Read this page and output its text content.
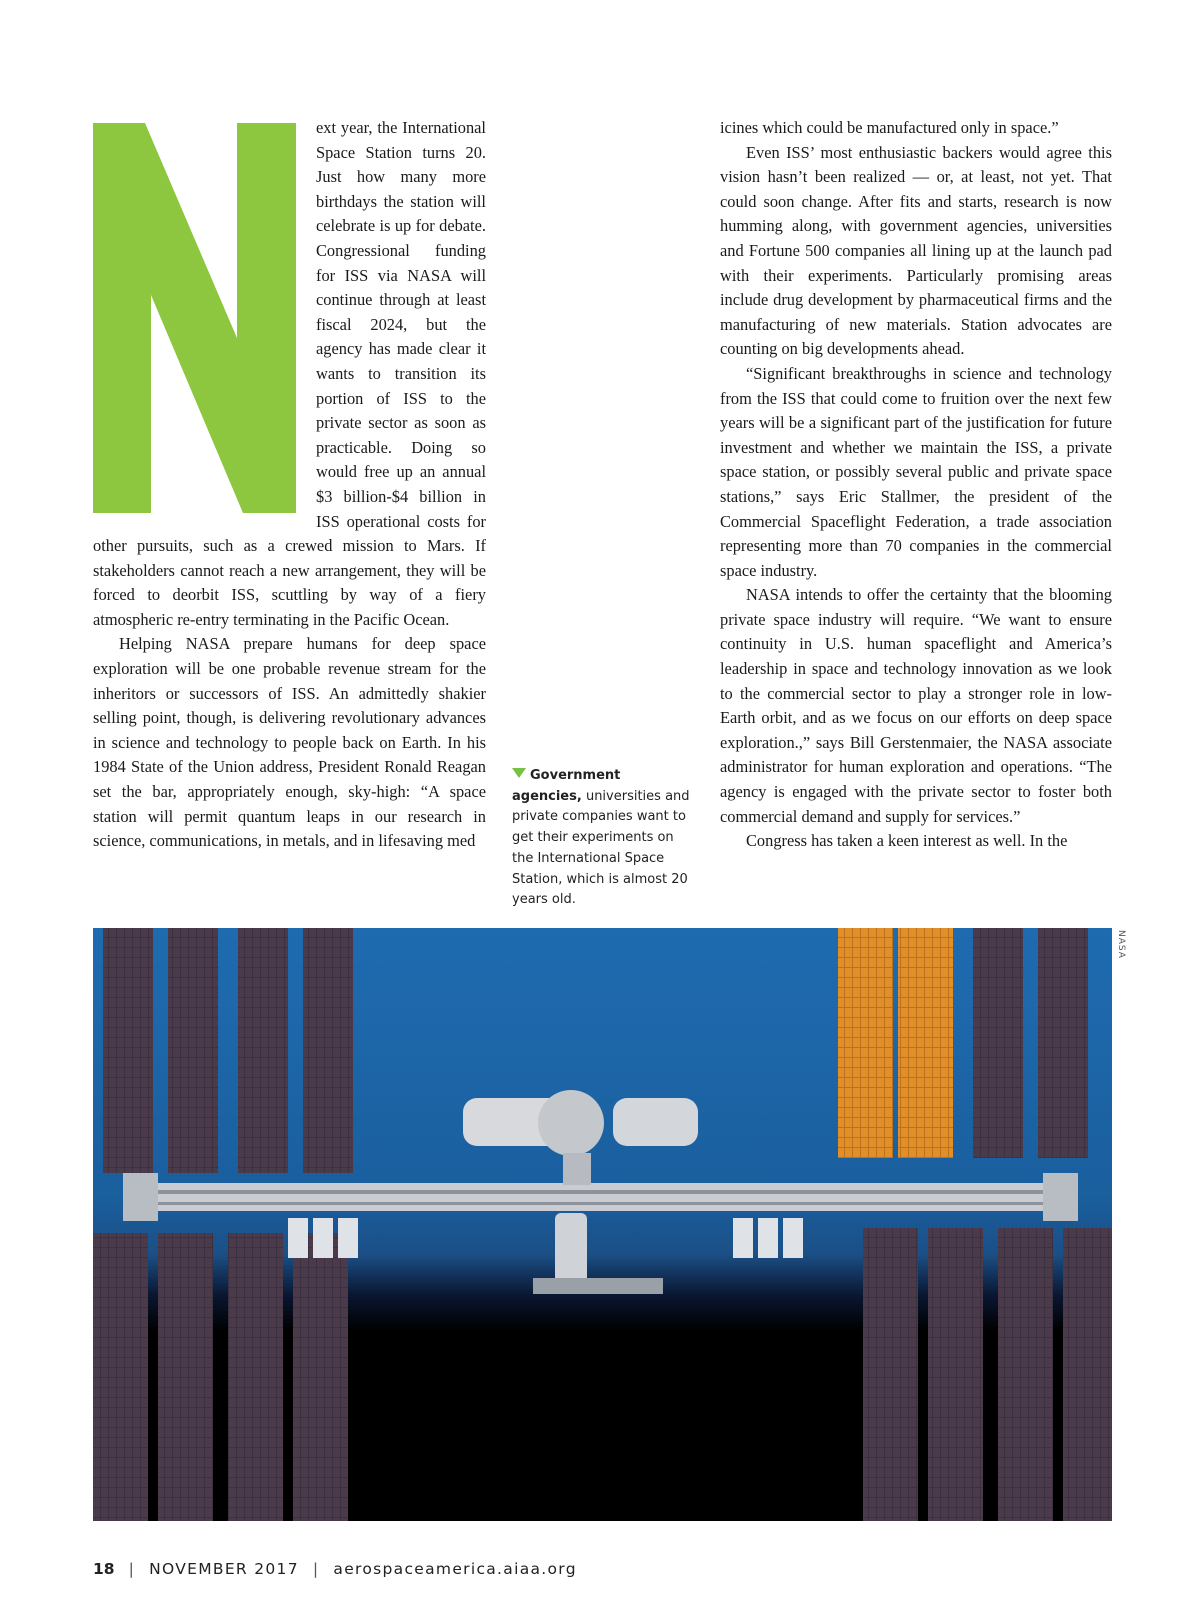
ext year, the International Space Station turns 20. Just how many more birthdays the station will celebrate is up for debate. Congressional funding for ISS via NASA will continue through at least fiscal 2024, but the agency has made clear it wants to transition its portion of ISS to the private sector as soon as practicable. Doing so would free up an annual $3 billion-$4 billion in ISS operational costs for other pursuits, such as a crewed mission to Mars. If stakeholders cannot reach a new arrangement, they will be forced to deorbit ISS, scuttling by way of a fiery atmospheric re-entry terminating in the Pacific Ocean.

Helping NASA prepare humans for deep space exploration will be one probable revenue stream for the inheritors or successors of ISS. An admittedly shakier selling point, though, is delivering revolutionary advances in science and technology to people back on Earth. In his 1984 State of the Union address, President Ronald Reagan set the bar, appropriately enough, sky-high: “A space station will permit quantum leaps in our research in science, communications, in metals, and in lifesaving med

icines which could be manufactured only in space.”

Even ISS’ most enthusiastic backers would agree this vision hasn’t been realized — or, at least, not yet. That could soon change. After fits and starts, research is now humming along, with government agencies, universities and Fortune 500 companies all lining up at the launch pad with their experiments. Particularly promising areas include drug development by pharmaceutical firms and the manufacturing of new materials. Station advocates are counting on big developments ahead.

“Significant breakthroughs in science and technology from the ISS that could come to fruition over the next few years will be a significant part of the justification for future investment and whether we maintain the ISS, a private space station, or possibly several public and private space stations,” says Eric Stallmer, the president of the Commercial Spaceflight Federation, a trade association representing more than 70 companies in the commercial space industry.

NASA intends to offer the certainty that the blooming private space industry will require. “We want to ensure continuity in U.S. human spaceflight and America’s leadership in space and technology innovation as we look to the commercial sector to play a stronger role in low-Earth orbit, and as we focus on our efforts on deep space exploration.,” says Bill Gerstenmaier, the NASA associate administrator for human exploration and operations. “The agency is engaged with the private sector to foster both commercial demand and supply for services.”

Congress has taken a keen interest as well. In the

Government agencies, universities and private companies want to get their experiments on the International Space Station, which is almost 20 years old.
NASA
18 | NOVEMBER 2017 | aerospaceamerica.aiaa.org
